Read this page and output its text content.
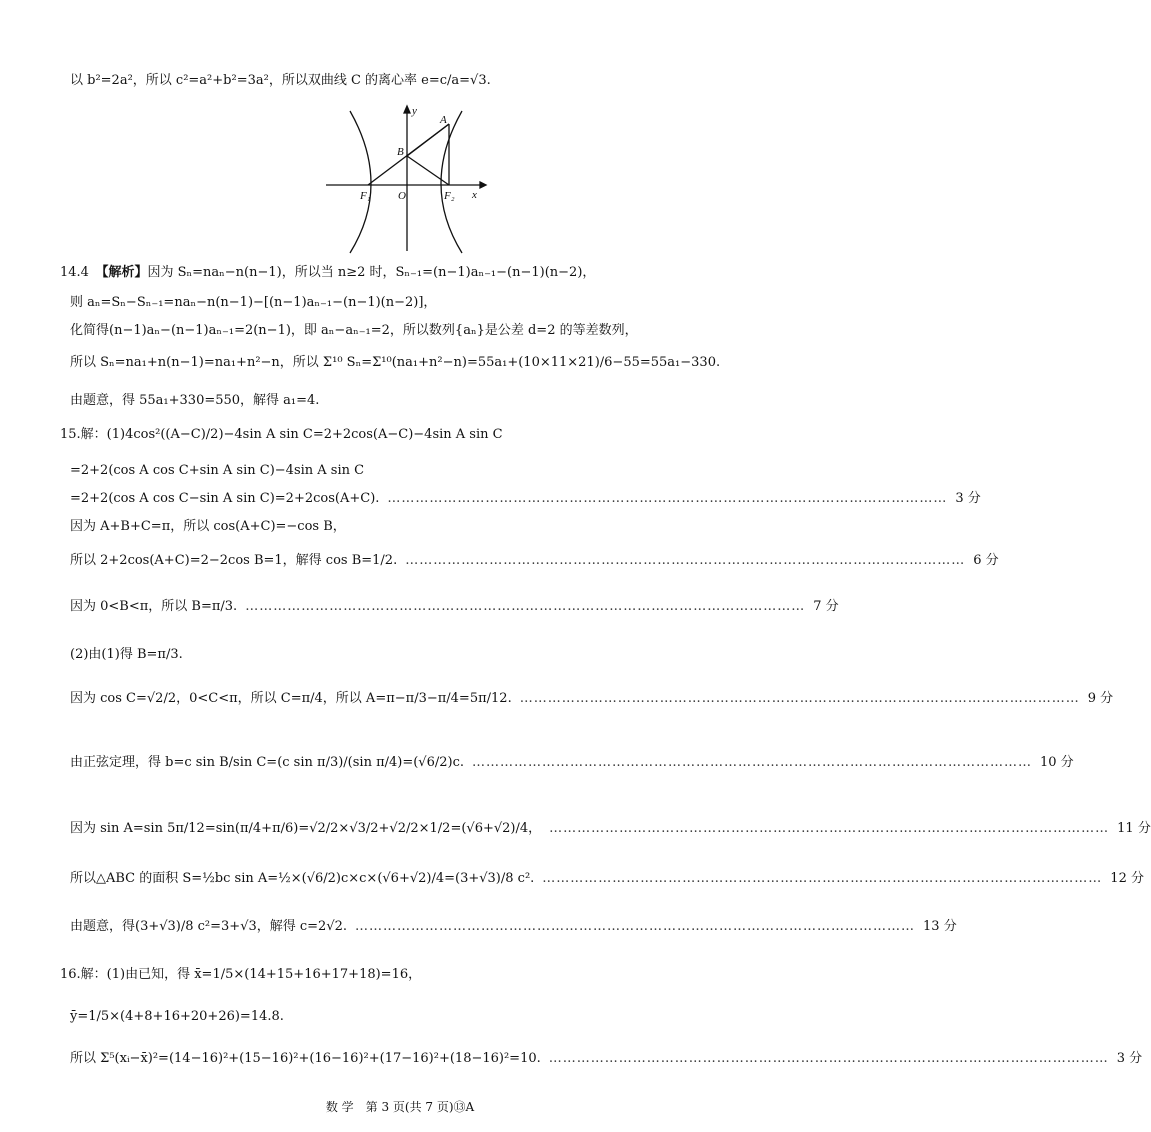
以 b²=2a²，所以 c²=a²+b²=3a²，所以双曲线 C 的离心率 e=c/a=√3.
y
x
A
B
O
F₁	F₂
14.4　【解析】因为 Sₙ=naₙ−n(n−1)，所以当 n≥2 时，Sₙ₋₁=(n−1)aₙ₋₁−(n−1)(n−2)，
则 aₙ=Sₙ−Sₙ₋₁=naₙ−n(n−1)−[(n−1)aₙ₋₁−(n−1)(n−2)]，
化简得(n−1)aₙ−(n−1)aₙ₋₁=2(n−1)，即 aₙ−aₙ₋₁=2，所以数列{aₙ}是公差 d=2 的等差数列，
所以 Sₙ=na₁+n(n−1)=na₁+n²−n，所以 Σ¹⁰ Sₙ=Σ¹⁰(na₁+n²−n)=55a₁+(10×11×21)/6−55=55a₁−330.
由题意，得 55a₁+330=550，解得 a₁=4.
15.解：(1)4cos²((A−C)/2)−4sin A sin C=2+2cos(A−C)−4sin A sin C
=2+2(cos A cos C+sin A sin C)−4sin A sin C
=2+2(cos A cos C−sin A sin C)=2+2cos(A+C). ………………………………………………………………………………………………………… 3 分
因为 A+B+C=π，所以 cos(A+C)=−cos B，
所以 2+2cos(A+C)=2−2cos B=1，解得 cos B=1/2. ………………………………………………………………………………………………………… 6 分
因为 0<B<π，所以 B=π/3. ………………………………………………………………………………………………………… 7 分
(2)由(1)得 B=π/3.
因为 cos C=√2/2，0<C<π，所以 C=π/4，所以 A=π−π/3−π/4=5π/12. ………………………………………………………………………………………………………… 9 分
由正弦定理，得 b=c sin B/sin C=(c sin π/3)/(sin π/4)=(√6/2)c. ………………………………………………………………………………………………………… 10 分
因为 sin A=sin 5π/12=sin(π/4+π/6)=√2/2×√3/2+√2/2×1/2=(√6+√2)/4， ………………………………………………………………………………………………………… 11 分
所以△ABC 的面积 S=½bc sin A=½×(√6/2)c×c×(√6+√2)/4=(3+√3)/8 c². ………………………………………………………………………………………………………… 12 分
由题意，得(3+√3)/8 c²=3+√3，解得 c=2√2. ………………………………………………………………………………………………………… 13 分
16.解：(1)由已知，得 x̄=1/5×(14+15+16+17+18)=16，
ȳ=1/5×(4+8+16+20+26)=14.8.
所以 Σ⁵(xᵢ−x̄)²=(14−16)²+(15−16)²+(16−16)²+(17−16)²+(18−16)²=10. ………………………………………………………………………………………………………… 3 分
数 学　第 3 页(共 7 页)⑬A
